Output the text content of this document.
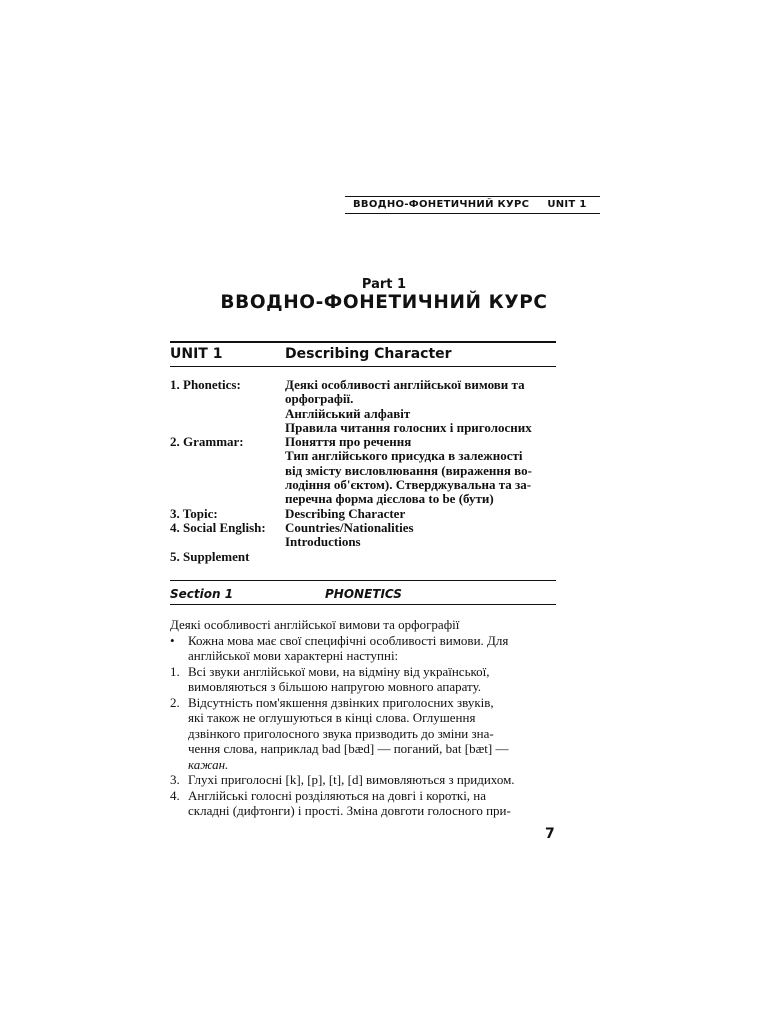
ВВОДНО-ФОНЕТИЧНИЙ КУРС UNIT 1
Part 1
ВВОДНО-ФОНЕТИЧНИЙ КУРС
UNIT 1	Describing Character
1. Phonetics:	Деякі особливості англійської вимови та
орфографії.
Англійський алфавіт
Правила читання голосних і приголосних
2. Grammar:	Поняття про речення
Тип англійського присудка в залежності
від змісту висловлювання (вираження во-
лодіння об'єктом). Стверджувальна та за-
перечна форма дієслова to be (бути)
3. Topic:	Describing Character
4. Social English:	Countries/Nationalities
Introductions
5. Supplement
Section 1	PHONETICS
Деякі особливості англійської вимови та орфографії
•	Кожна мова має свої специфічні особливості вимови. Для
англійської мови характерні наступні:
1. Всі звуки англійської мови, на відміну від української,
вимовляються з більшою напругою мовного апарату.
2. Відсутність пом'якшення дзвінких приголосних звуків,
які також не оглушуються в кінці слова. Оглушення
дзвінкого приголосного звука призводить до зміни зна-
чення слова, наприклад bad [bæd] — поганий, bat [bæt] —
кажан.
3. Глухі приголосні [k], [p], [t], [d] вимовляються з придихом.
4. Англійські голосні розділяються на довгі і короткі, на
складні (дифтонги) і прості. Зміна довготи голосного при-
7
